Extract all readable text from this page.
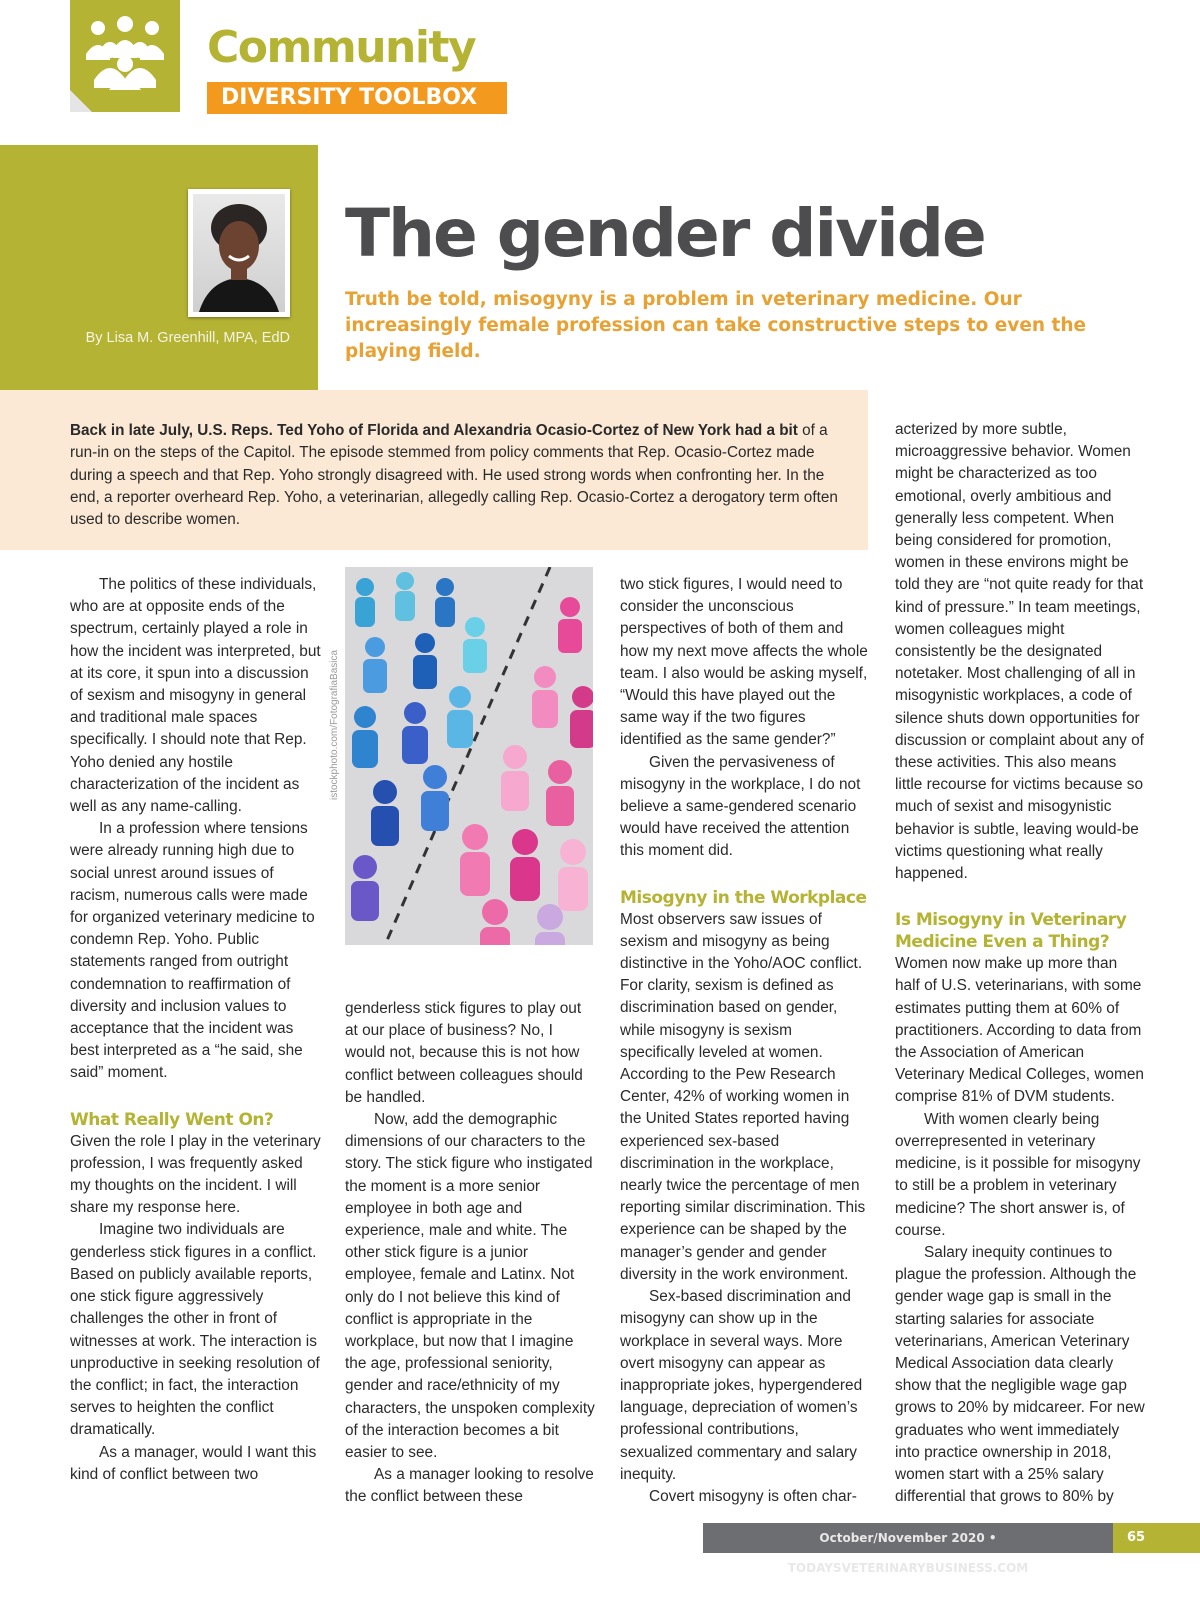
Community
DIVERSITY TOOLBOX
By Lisa M. Greenhill, MPA, EdD
The gender divide
Truth be told, misogyny is a problem in veterinary medicine. Our increasingly female profession can take constructive steps to even the playing field.
Back in late July, U.S. Reps. Ted Yoho of Florida and Alexandria Ocasio-Cortez of New York had a bit of a run-in on the steps of the Capitol. The episode stemmed from policy comments that Rep. Ocasio-Cortez made during a speech and that Rep. Yoho strongly disagreed with. He used strong words when confronting her. In the end, a reporter overheard Rep. Yoho, a veterinarian, allegedly calling Rep. Ocasio-Cortez a derogatory term often used to describe women.

The politics of these individuals, who are at opposite ends of the spectrum, certainly played a role in how the incident was interpreted, but at its core, it spun into a discussion of sexism and misogyny in general and traditional male spaces specifically. I should note that Rep. Yoho denied any hostile characterization of the incident as well as any name-calling.

In a profession where tensions were already running high due to social unrest around issues of racism, numerous calls were made for organized veterinary medicine to condemn Rep. Yoho. Public statements ranged from outright condemnation to reaffirmation of diversity and inclusion values to acceptance that the incident was best interpreted as a “he said, she said” moment.

What Really Went On?

Given the role I play in the veterinary profession, I was frequently asked my thoughts on the incident. I will share my response here.

Imagine two individuals are genderless stick figures in a conflict. Based on publicly available reports, one stick figure aggressively challenges the other in front of witnesses at work. The interaction is unproductive in seeking resolution of the conflict; in fact, the interaction serves to heighten the conflict dramatically.

As a manager, would I want this kind of conflict between two

istockphoto.com/FotografiaBasica

genderless stick figures to play out at our place of business? No, I would not, because this is not how conflict between colleagues should be handled.

Now, add the demographic dimensions of our characters to the story. The stick figure who instigated the moment is a more senior employee in both age and experience, male and white. The other stick figure is a junior employee, female and Latinx. Not only do I not believe this kind of conflict is appropriate in the workplace, but now that I imagine the age, professional seniority, gender and race/ethnicity of my characters, the unspoken complexity of the interaction becomes a bit easier to see.

As a manager looking to resolve the conflict between these

two stick figures, I would need to consider the unconscious perspectives of both of them and how my next move affects the whole team. I also would be asking myself, “Would this have played out the same way if the two figures identified as the same gender?”

Given the pervasiveness of misogyny in the workplace, I do not believe a same-gendered scenario would have received the attention this moment did.

Misogyny in the Workplace

Most observers saw issues of sexism and misogyny as being distinctive in the Yoho/AOC conflict. For clarity, sexism is defined as discrimination based on gender, while misogyny is sexism specifically leveled at women. According to the Pew Research Center, 42% of working women in the United States reported having experienced sex-based discrimination in the workplace, nearly twice the percentage of men reporting similar discrimination. This experience can be shaped by the manager’s gender and gender diversity in the work environment.

Sex-based discrimination and misogyny can show up in the workplace in several ways. More overt misogyny can appear as inappropriate jokes, hypergendered language, depreciation of women’s professional contributions, sexualized commentary and salary inequity.

Covert misogyny is often char-

acterized by more subtle, microaggressive behavior. Women might be characterized as too emotional, overly ambitious and generally less competent. When being considered for promotion, women in these environs might be told they are “not quite ready for that kind of pressure.” In team meetings, women colleagues might consistently be the designated notetaker. Most challenging of all in misogynistic workplaces, a code of silence shuts down opportunities for discussion or complaint about any of these activities. This also means little recourse for victims because so much of sexist and misogynistic behavior is subtle, leaving would-be victims questioning what really happened.

Is Misogyny in Veterinary Medicine Even a Thing?

Women now make up more than half of U.S. veterinarians, with some estimates putting them at 60% of practitioners. According to data from the Association of American Veterinary Medical Colleges, women comprise 81% of DVM students.

With women clearly being overrepresented in veterinary medicine, is it possible for misogyny to still be a problem in veterinary medicine? The short answer is, of course.

Salary inequity continues to plague the profession. Although the gender wage gap is small in the starting salaries for associate veterinarians, American Veterinary Medical Association data clearly show that the negligible wage gap grows to 20% by midcareer. For new graduates who went immediately into practice ownership in 2018, women start with a 25% salary differential that grows to 80% by

October/November 2020 • TODAYSVETERINARYBUSINESS.COM
65
